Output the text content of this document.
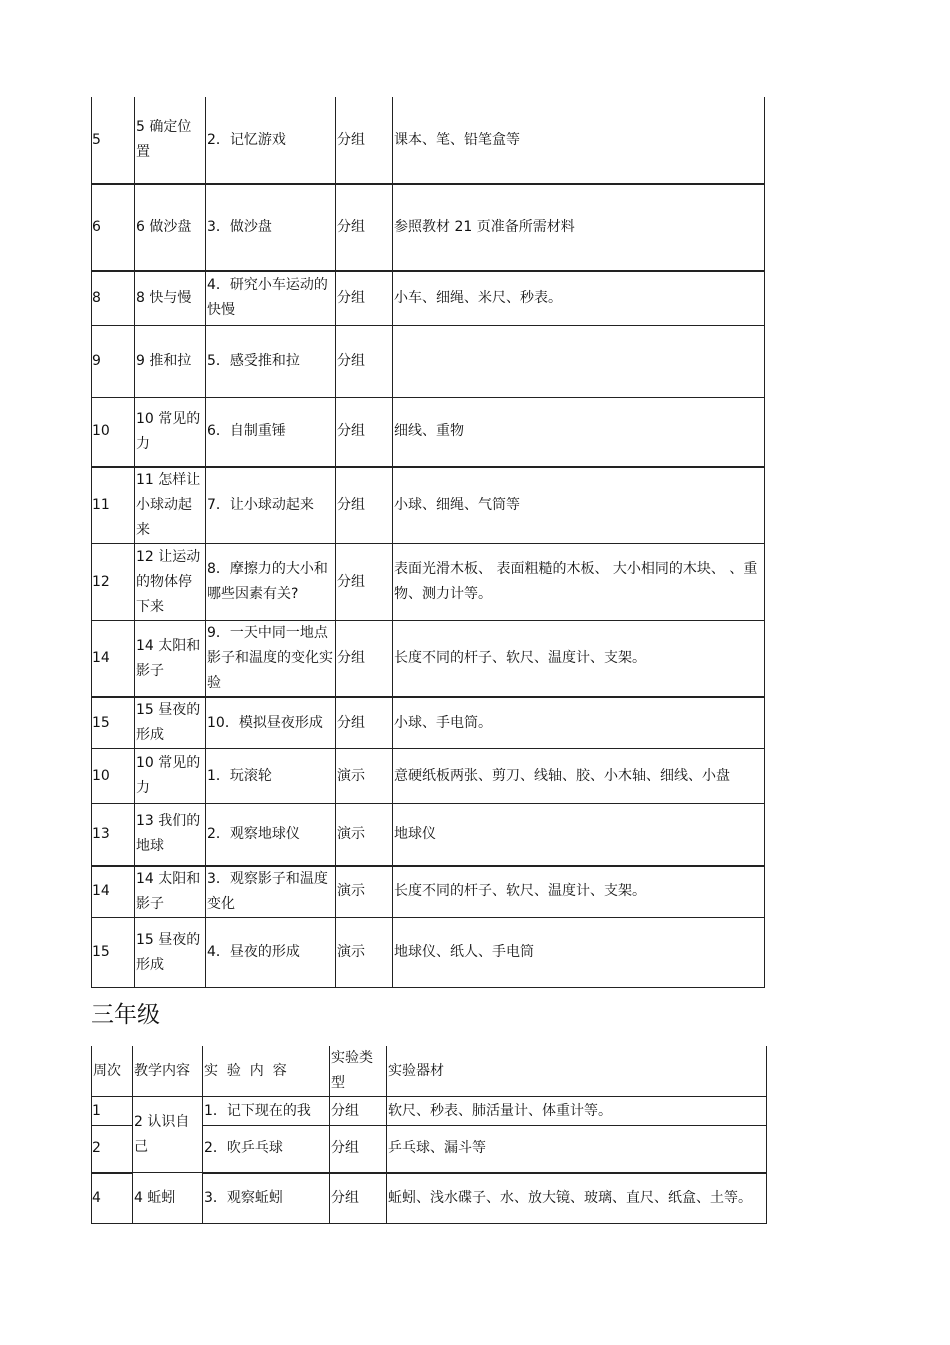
5	5 确定位置	2．记忆游戏	分组	课本、笔、铅笔盒等
6	6 做沙盘	3．做沙盘	分组	参照教材 21 页准备所需材料
8	8 快与慢	4．研究小车运动的快慢	分组	小车、细绳、米尺、秒表。
9	9 推和拉	5．感受推和拉	分组	
10	10 常见的力	6．自制重锤	分组	细线、重物
11	11 怎样让小球动起来	7．让小球动起来	分组	小球、细绳、气筒等
12	12 让运动的物体停下来	8．摩擦力的大小和哪些因素有关?	分组	表面光滑木板、 表面粗糙的木板、 大小相同的木块、 、重物、测力计等。
14	14 太阳和影子	9．一天中同一地点影子和温度的变化实验	分组	长度不同的杆子、软尺、温度计、支架。
15	15 昼夜的形成	10．模拟昼夜形成	分组	小球、手电筒。
10	10 常见的力	1．玩滚轮	演示	意硬纸板两张、剪刀、线轴、胶、小木轴、细线、小盘
13	13 我们的地球	2．观察地球仪	演示	地球仪
14	14 太阳和影子	3．观察影子和温度变化	演示	长度不同的杆子、软尺、温度计、支架。
15	15 昼夜的形成	4．昼夜的形成	演示	地球仪、纸人、手电筒
三年级
周次	教学内容	实  验  内  容	实验类型	实验器材
1	2 认识自己	1．记下现在的我	分组	软尺、秒表、肺活量计、体重计等。
2		2．吹乒乓球	分组	乒乓球、漏斗等
4	4 蚯蚓	3．观察蚯蚓	分组	蚯蚓、浅水碟子、水、放大镜、玻璃、直尺、纸盒、土等。
